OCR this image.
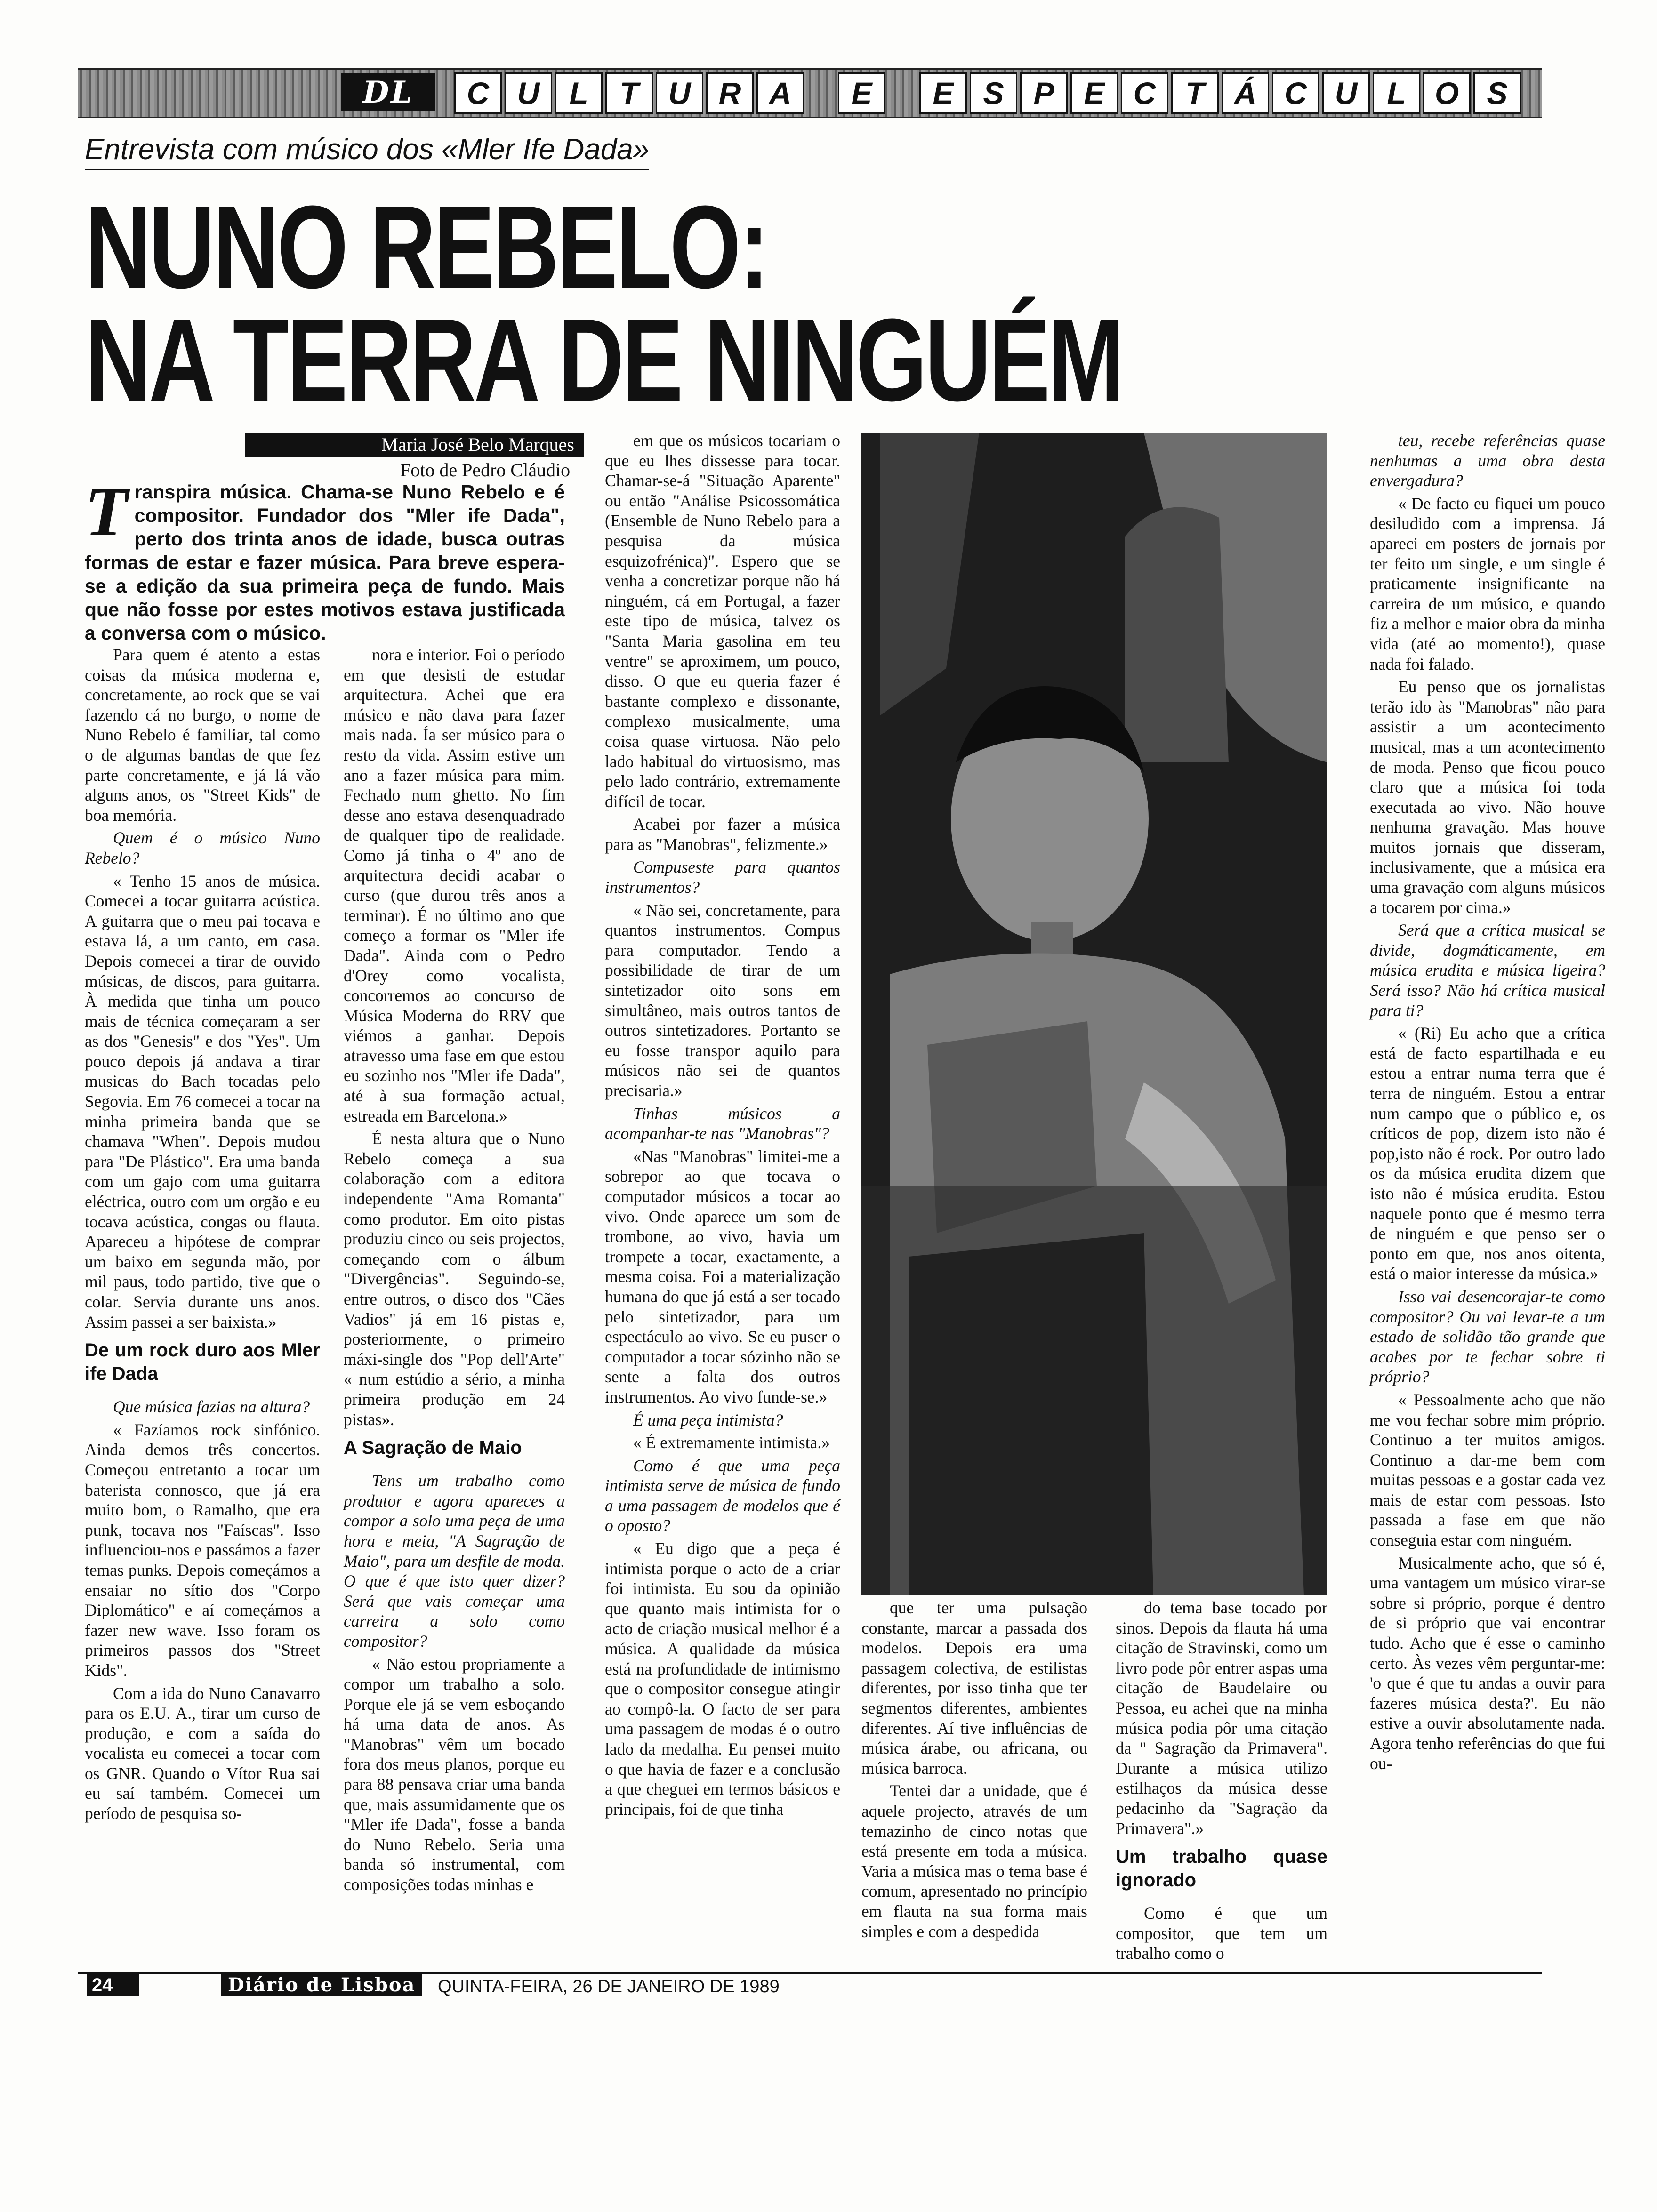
DL	C U L	T U R A	E	E S P E C T Á C U L O S
Entrevista com músico dos «Mler Ife Dada»
NUNO REBELO:
NA TERRA DE NINGUÉM
Maria José Belo Marques
Foto de Pedro Cláudio
T ranspira música. Chama-se Nuno Rebelo e é compositor. Fundador dos "Mler ife Dada", perto dos trinta anos de idade, busca outras formas de estar e fazer música. Para breve espera-se a edição da sua primeira peça de fundo. Mais que não fosse por estes motivos estava justificada a conversa com o músico.

Para quem é atento a estas coisas da música moderna e, concretamente, ao rock que se vai fazendo cá no burgo, o nome de Nuno Rebelo é familiar, tal como o de algumas bandas de que fez parte concretamente, e já lá vão alguns anos, os "Street Kids" de boa memória.

Quem é o músico Nuno Rebelo?

« Tenho 15 anos de música. Comecei a tocar guitarra acústica. A guitarra que o meu pai tocava e estava lá, a um canto, em casa. Depois comecei a tirar de ouvido músicas, de discos, para guitarra. À medida que tinha um pouco mais de técnica começaram a ser as dos "Genesis" e dos "Yes". Um pouco depois já andava a tirar musicas do Bach tocadas pelo Segovia. Em 76 comecei a tocar na minha primeira banda que se chamava "When". Depois mudou para "De Plástico". Era uma banda com um gajo com uma guitarra eléctrica, outro com um orgão e eu tocava acústica, congas ou flauta. Apareceu a hipótese de comprar um baixo em segunda mão, por mil paus, todo partido, tive que o colar. Servia durante uns anos. Assim passei a ser baixista.»

De um rock duro aos Mler ife Dada

Que música fazias na altura?

« Fazíamos rock sinfónico. Ainda demos três concertos. Começou entretanto a tocar um baterista connosco, que já era muito bom, o Ramalho, que era punk, tocava nos "Faíscas". Isso influenciou-nos e passámos a fazer temas punks. Depois começámos a ensaiar no sítio dos "Corpo Diplomático" e aí começámos a fazer new wave. Isso foram os primeiros passos dos "Street Kids".

Com a ida do Nuno Canavarro para os E.U. A., tirar um curso de produção, e com a saída do vocalista eu comecei a tocar com os GNR. Quando o Vítor Rua sai eu saí também. Comecei um período de pesquisa so-

nora e interior. Foi o período em que desisti de estudar arquitectura. Achei que era músico e não dava para fazer mais nada. Ía ser músico para o resto da vida. Assim estive um ano a fazer música para mim. Fechado num ghetto. No fim desse ano estava desenquadrado de qualquer tipo de realidade. Como já tinha o 4º ano de arquitectura decidi acabar o curso (que durou três anos a terminar). É no último ano que começo a formar os "Mler ife Dada". Ainda com o Pedro d'Orey como vocalista, concorremos ao concurso de Música Moderna do RRV que viémos a ganhar. Depois atravesso uma fase em que estou eu sozinho nos "Mler ife Dada", até à sua formação actual, estreada em Barcelona.»

É nesta altura que o Nuno Rebelo começa a sua colaboração com a editora independente "Ama Romanta" como produtor. Em oito pistas produziu cinco ou seis projectos, começando com o álbum "Divergências". Seguindo-se, entre outros, o disco dos "Cães Vadios" já em 16 pistas e, posteriormente, o primeiro máxi-single dos "Pop dell'Arte" « num estúdio a sério, a minha primeira produção em 24 pistas».

A Sagração de Maio

Tens um trabalho como produtor e agora apareces a compor a solo uma peça de uma hora e meia, "A Sagração de Maio", para um desfile de moda. O que é que isto quer dizer? Será que vais começar uma carreira a solo como compositor?

« Não estou propriamente a compor um trabalho a solo. Porque ele já se vem esboçando há uma data de anos. As "Manobras" vêm um bocado fora dos meus planos, porque eu para 88 pensava criar uma banda que, mais assumidamente que os "Mler ife Dada", fosse a banda do Nuno Rebelo. Seria uma banda só instrumental, com composições todas minhas e

em que os músicos tocariam o que eu lhes dissesse para tocar. Chamar-se-á "Situação Aparente" ou então "Análise Psicossomática (Ensemble de Nuno Rebelo para a pesquisa da música esquizofrénica)". Espero que se venha a concretizar porque não há ninguém, cá em Portugal, a fazer este tipo de música, talvez os "Santa Maria gasolina em teu ventre" se aproximem, um pouco, disso. O que eu queria fazer é bastante complexo e dissonante, complexo musicalmente, uma coisa quase virtuosa. Não pelo lado habitual do virtuosismo, mas pelo lado contrário, extremamente difícil de tocar.

Acabei por fazer a música para as "Manobras", felizmente.»

Compuseste para quantos instrumentos?

« Não sei, concretamente, para quantos instrumentos. Compus para computador. Tendo a possibilidade de tirar de um sintetizador oito sons em simultâneo, mais outros tantos de outros sintetizadores. Portanto se eu fosse transpor aquilo para músicos não sei de quantos precisaria.»

Tinhas músicos a acompanhar-te nas "Manobras"?

«Nas "Manobras" limitei-me a sobrepor ao que tocava o computador músicos a tocar ao vivo. Onde aparece um som de trombone, ao vivo, havia um trompete a tocar, exactamente, a mesma coisa. Foi a materialização humana do que já está a ser tocado pelo sintetizador, para um espectáculo ao vivo. Se eu puser o computador a tocar sózinho não se sente a falta dos outros instrumentos. Ao vivo funde-se.»

É uma peça intimista?

« É extremamente intimista.»

Como é que uma peça intimista serve de música de fundo a uma passagem de modelos que é o oposto?

« Eu digo que a peça é intimista porque o acto de a criar foi intimista. Eu sou da opinião que quanto mais intimista for o acto de criação musical melhor é a música. A qualidade da música está na profundidade de intimismo que o compositor consegue atingir ao compô-la. O facto de ser para uma passagem de modas é o outro lado da medalha. Eu pensei muito o que havia de fazer e a conclusão a que cheguei em termos básicos e principais, foi de que tinha

que ter uma pulsação constante, marcar a passada dos modelos. Depois era uma passagem colectiva, de estilistas diferentes, por isso tinha que ter segmentos diferentes, ambientes diferentes. Aí tive influências de música árabe, ou africana, ou música barroca.

Tentei dar a unidade, que é aquele projecto, através de um temazinho de cinco notas que está presente em toda a música. Varia a música mas o tema base é comum, apresentado no princípio em flauta na sua forma mais simples e com a despedida

do tema base tocado por sinos. Depois da flauta há uma citação de Stravinski, como um livro pode pôr entrer aspas uma citação de Baudelaire ou Pessoa, eu achei que na minha música podia pôr uma citação da " Sagração da Primavera". Durante a música utilizo estilhaços da música desse pedacinho da "Sagração da Primavera".»

Um trabalho quase ignorado

Como é que um compositor, que tem um trabalho como o

teu, recebe referências quase nenhumas a uma obra desta envergadura?

« De facto eu fiquei um pouco desiludido com a imprensa. Já apareci em posters de jornais por ter feito um single, e um single é praticamente insignificante na carreira de um músico, e quando fiz a melhor e maior obra da minha vida (até ao momento!), quase nada foi falado.

Eu penso que os jornalistas terão ido às "Manobras" não para assistir a um acontecimento musical, mas a um acontecimento de moda. Penso que ficou pouco claro que a música foi toda executada ao vivo. Não houve nenhuma gravação. Mas houve muitos jornais que disseram, inclusivamente, que a música era uma gravação com alguns músicos a tocarem por cima.»

Será que a crítica musical se divide, dogmáticamente, em música erudita e música ligeira? Será isso? Não há crítica musical para ti?

« (Ri) Eu acho que a crítica está de facto espartilhada e eu estou a entrar numa terra que é terra de ninguém. Estou a entrar num campo que o público e, os críticos de pop, dizem isto não é pop,isto não é rock. Por outro lado os da música erudita dizem que isto não é música erudita. Estou naquele ponto que é mesmo terra de ninguém e que penso ser o ponto em que, nos anos oitenta, está o maior interesse da música.»

Isso vai desencorajar-te como compositor? Ou vai levar-te a um estado de solidão tão grande que acabes por te fechar sobre ti próprio?

« Pessoalmente acho que não me vou fechar sobre mim próprio. Continuo a ter muitos amigos. Continuo a dar-me bem com muitas pessoas e a gostar cada vez mais de estar com pessoas. Isto passada a fase em que não conseguia estar com ninguém.

Musicalmente acho, que só é, uma vantagem um músico virar-se sobre si próprio, porque é dentro de si próprio que vai encontrar tudo. Acho que é esse o caminho certo. Às vezes vêm perguntar-me: 'o que é que tu andas a ouvir para fazeres música desta?'. Eu não estive a ouvir absolutamente nada. Agora tenho referências do que fui ou-

24	Diário de Lisboa	QUINTA-FEIRA, 26 DE JANEIRO DE 1989
